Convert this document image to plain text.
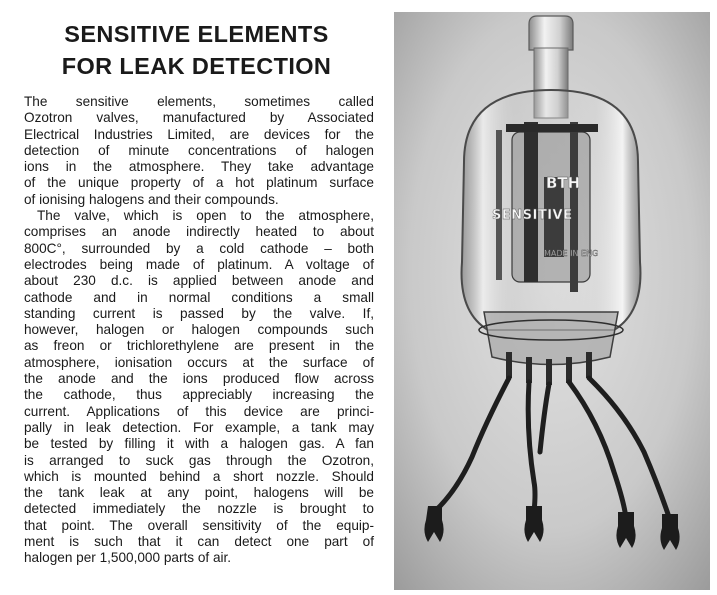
SENSITIVE ELEMENTS
FOR LEAK DETECTION
The sensitive elements, sometimes called
Ozotron valves, manufactured by Associated
Electrical Industries Limited, are devices for the
detection of minute concentrations of halogen
ions in the atmosphere. They take advantage
of the unique property of a hot platinum surface
of ionising halogens and their compounds.
The valve, which is open to the atmosphere,
comprises an anode indirectly heated to about
800C°, surrounded by a cold cathode – both
electrodes being made of platinum. A voltage of
about 230 d.c. is applied between anode and
cathode and in normal conditions a small
standing current is passed by the valve. If,
however, halogen or halogen compounds such
as freon or trichlorethylene are present in the
atmosphere, ionisation occurs at the surface of
the anode and the ions produced flow across
the cathode, thus appreciably increasing the
current. Applications of this device are princi-
pally in leak detection. For example, a tank may
be tested by filling it with a halogen gas. A fan
is arranged to suck gas through the Ozotron,
which is mounted behind a short nozzle. Should
the tank leak at any point, halogens will be
detected immediately the nozzle is brought to
that point. The overall sensitivity of the equip-
ment is such that it can detect one part of
halogen per 1,500,000 parts of air.
BTH
SENSITIVE
MADE IN ENG
